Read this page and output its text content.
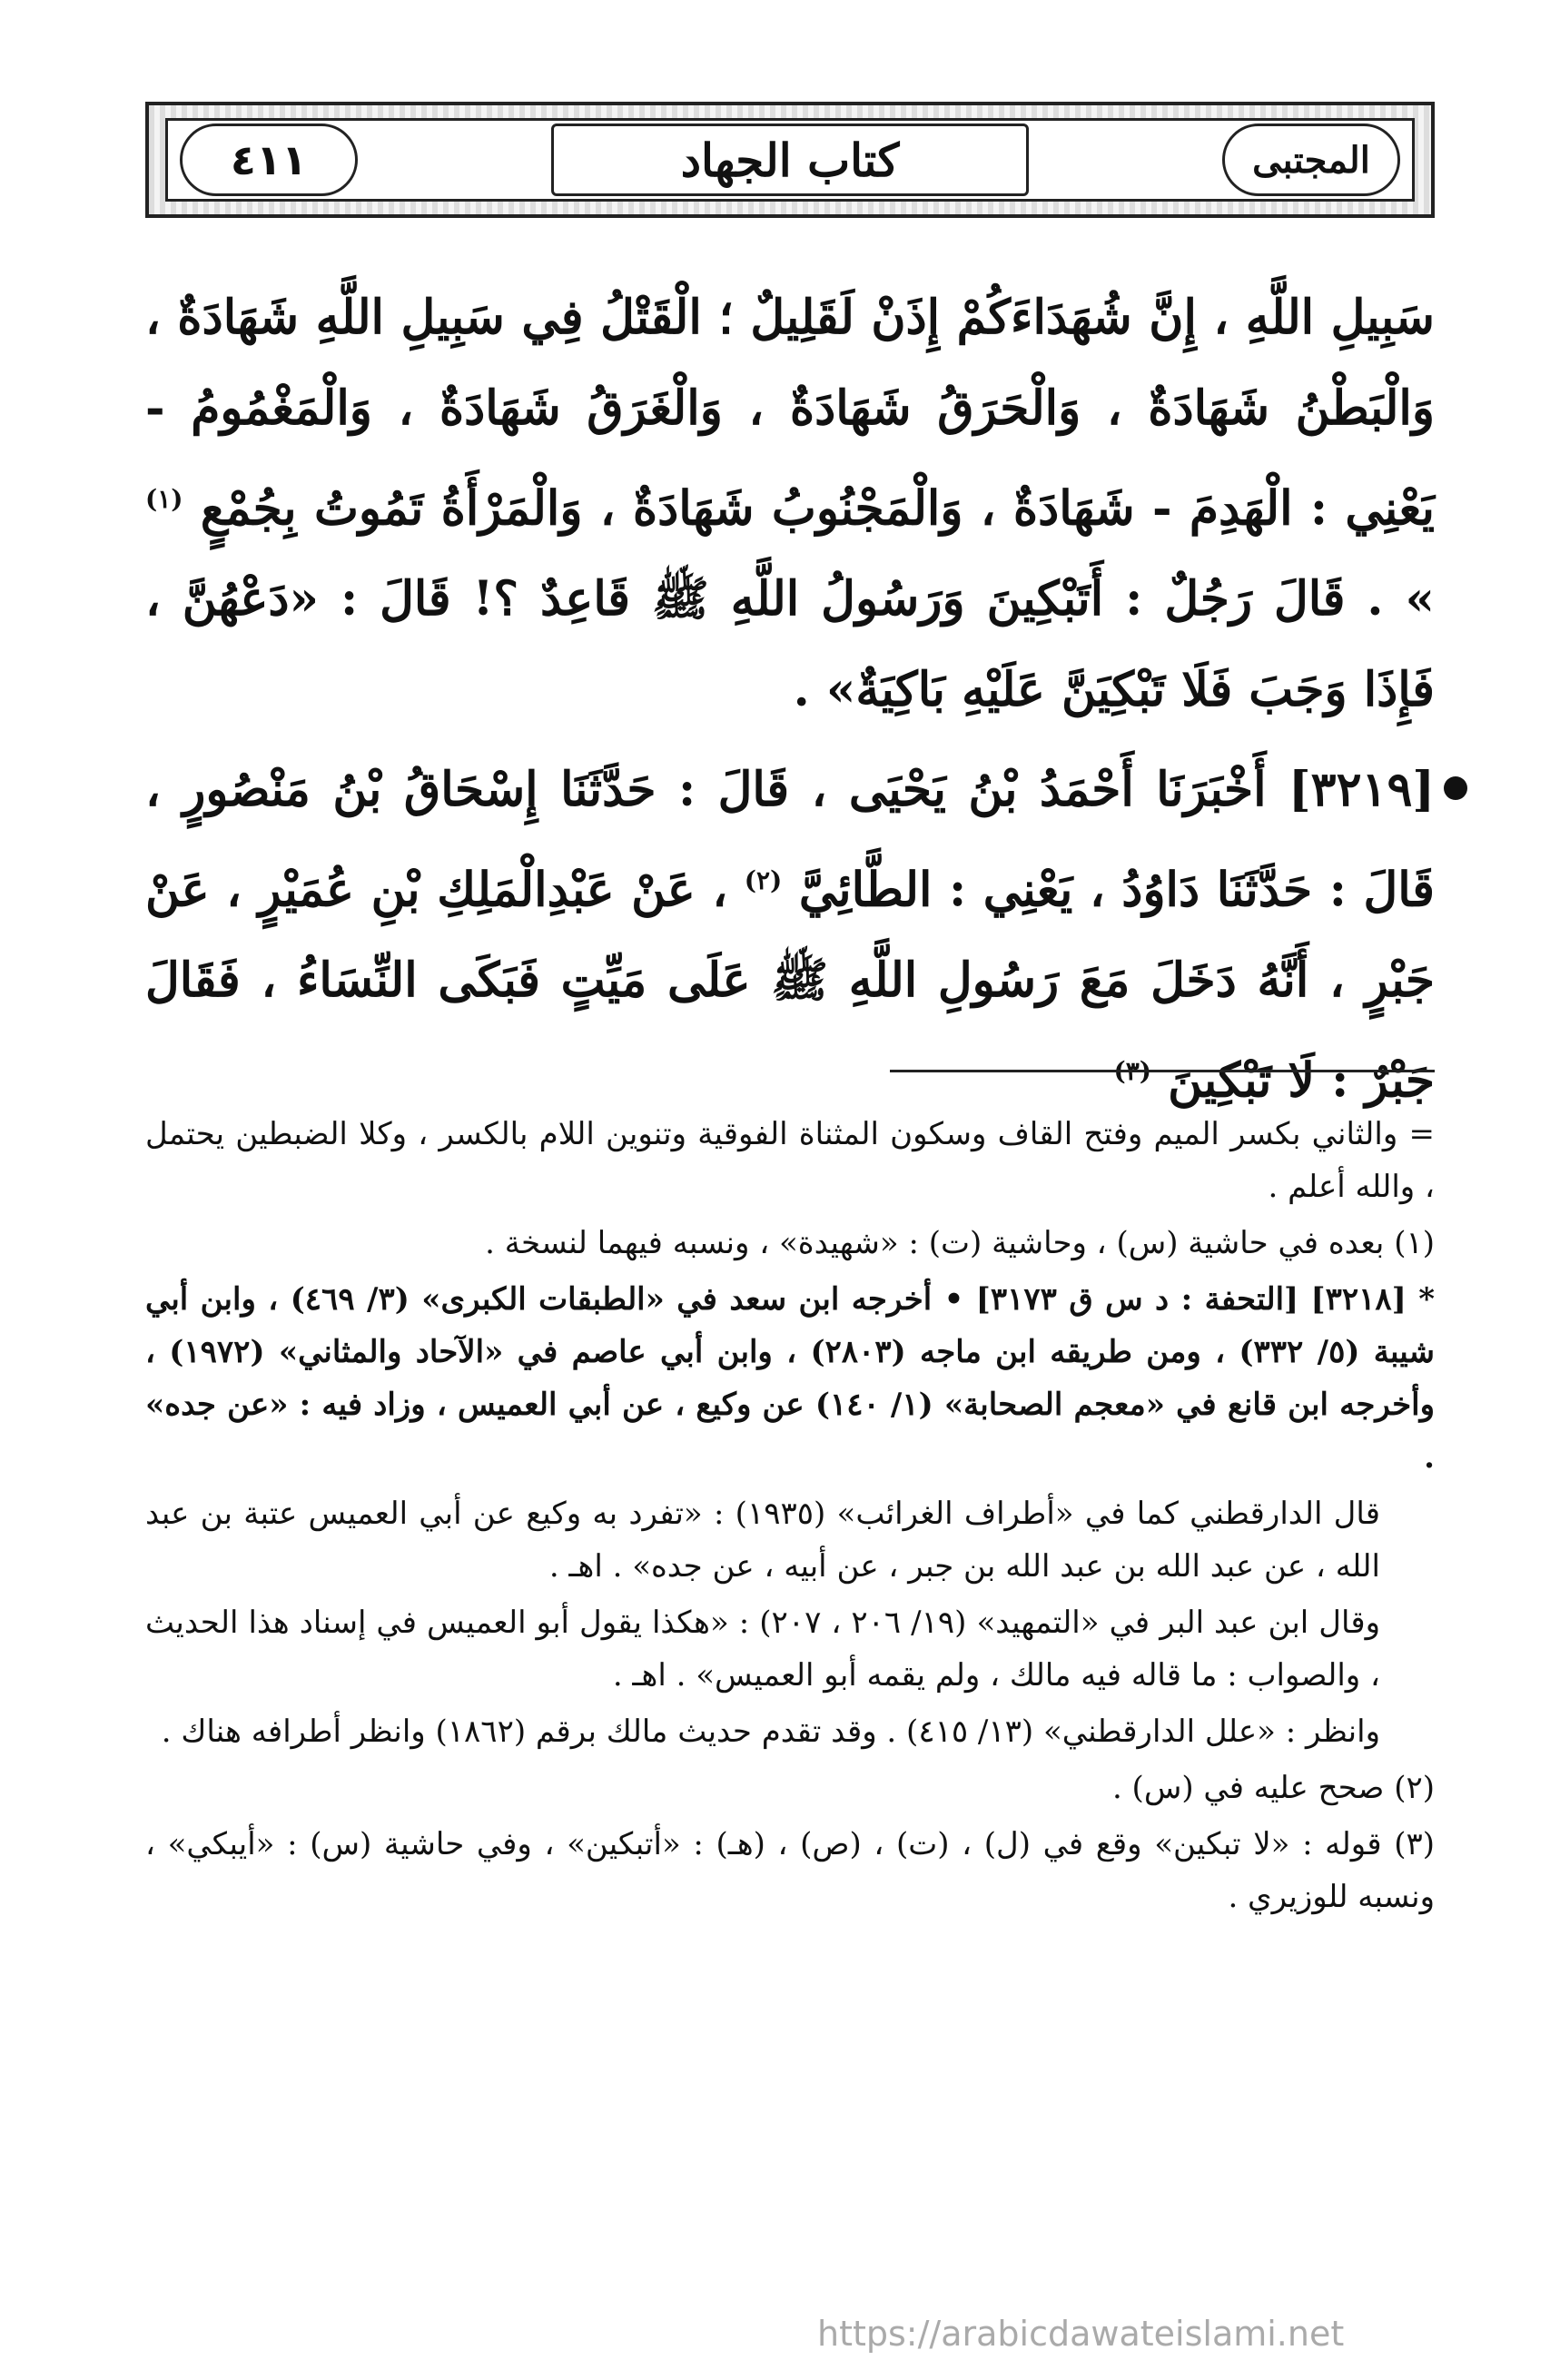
٤١١	كتاب الجهاد	المجتبى
سَبِيلِ اللَّهِ ، إِنَّ شُهَدَاءَكُمْ إِذَنْ لَقَلِيلٌ ؛ الْقَتْلُ فِي سَبِيلِ اللَّهِ شَهَادَةٌ ، وَالْبَطْنُ شَهَادَةٌ ، وَالْحَرَقُ شَهَادَةٌ ، وَالْغَرَقُ شَهَادَةٌ ، وَالْمَغْمُومُ - يَعْنِي : الْهَدِمَ - شَهَادَةٌ ، وَالْمَجْنُوبُ شَهَادَةٌ ، وَالْمَرْأَةُ تَمُوتُ بِجُمْعٍ $^{(١)}$ » . قَالَ رَجُلٌ : أَتَبْكِينَ وَرَسُولُ اللَّهِ ﷺ قَاعِدٌ ؟! قَالَ : «دَعْهُنَّ ، فَإِذَا وَجَبَ فَلَا تَبْكِيَنَّ عَلَيْهِ بَاكِيَةٌ» .
[٣٢١٩] أَخْبَرَنَا أَحْمَدُ بْنُ يَحْيَى ، قَالَ : حَدَّثَنَا إِسْحَاقُ بْنُ مَنْصُورٍ ، قَالَ : حَدَّثَنَا دَاوُدُ ، يَعْنِي : الطَّائِيَّ $^{(٢)}$ ، عَنْ عَبْدِالْمَلِكِ بْنِ عُمَيْرٍ ، عَنْ جَبْرٍ ، أَنَّهُ دَخَلَ مَعَ رَسُولِ اللَّهِ ﷺ عَلَى مَيِّتٍ فَبَكَى النِّسَاءُ ، فَقَالَ جَبْرٌ : لَا تَبْكِينَ $^{(٣)}$

= والثاني بكسر الميم وفتح القاف وسكون المثناة الفوقية وتنوين اللام بالكسر ، وكلا الضبطين يحتمل ، والله أعلم .

(١) بعده في حاشية (س) ، وحاشية (ت) : «شهيدة» ، ونسبه فيهما لنسخة .

* [٣٢١٨] [التحفة : د س ق ٣١٧٣] • أخرجه ابن سعد في «الطبقات الكبرى» (٣/ ٤٦٩) ، وابن أبي شيبة (٥/ ٣٣٢) ، ومن طريقه ابن ماجه (٢٨٠٣) ، وابن أبي عاصم في «الآحاد والمثاني» (١٩٧٢) ، وأخرجه ابن قانع في «معجم الصحابة» (١/ ١٤٠) عن وكيع ، عن أبي العميس ، وزاد فيه : «عن جده» .

قال الدارقطني كما في «أطراف الغرائب» (١٩٣٥) : «تفرد به وكيع عن أبي العميس عتبة بن عبد الله ، عن عبد الله بن عبد الله بن جبر ، عن أبيه ، عن جده» . اهـ .

وقال ابن عبد البر في «التمهيد» (١٩/ ٢٠٦ ، ٢٠٧) : «هكذا يقول أبو العميس في إسناد هذا الحديث ، والصواب : ما قاله فيه مالك ، ولم يقمه أبو العميس» . اهـ .

وانظر : «علل الدارقطني» (١٣/ ٤١٥) . وقد تقدم حديث مالك برقم (١٨٦٢) وانظر أطرافه هناك .

(٢) صحح عليه في (س) .

(٣) قوله : «لا تبكين» وقع في (ل) ، (ت) ، (ص) ، (هـ) : «أتبكين» ، وفي حاشية (س) : «أيبكي» ، ونسبه للوزيري .

https://arabicdawateislami.net
